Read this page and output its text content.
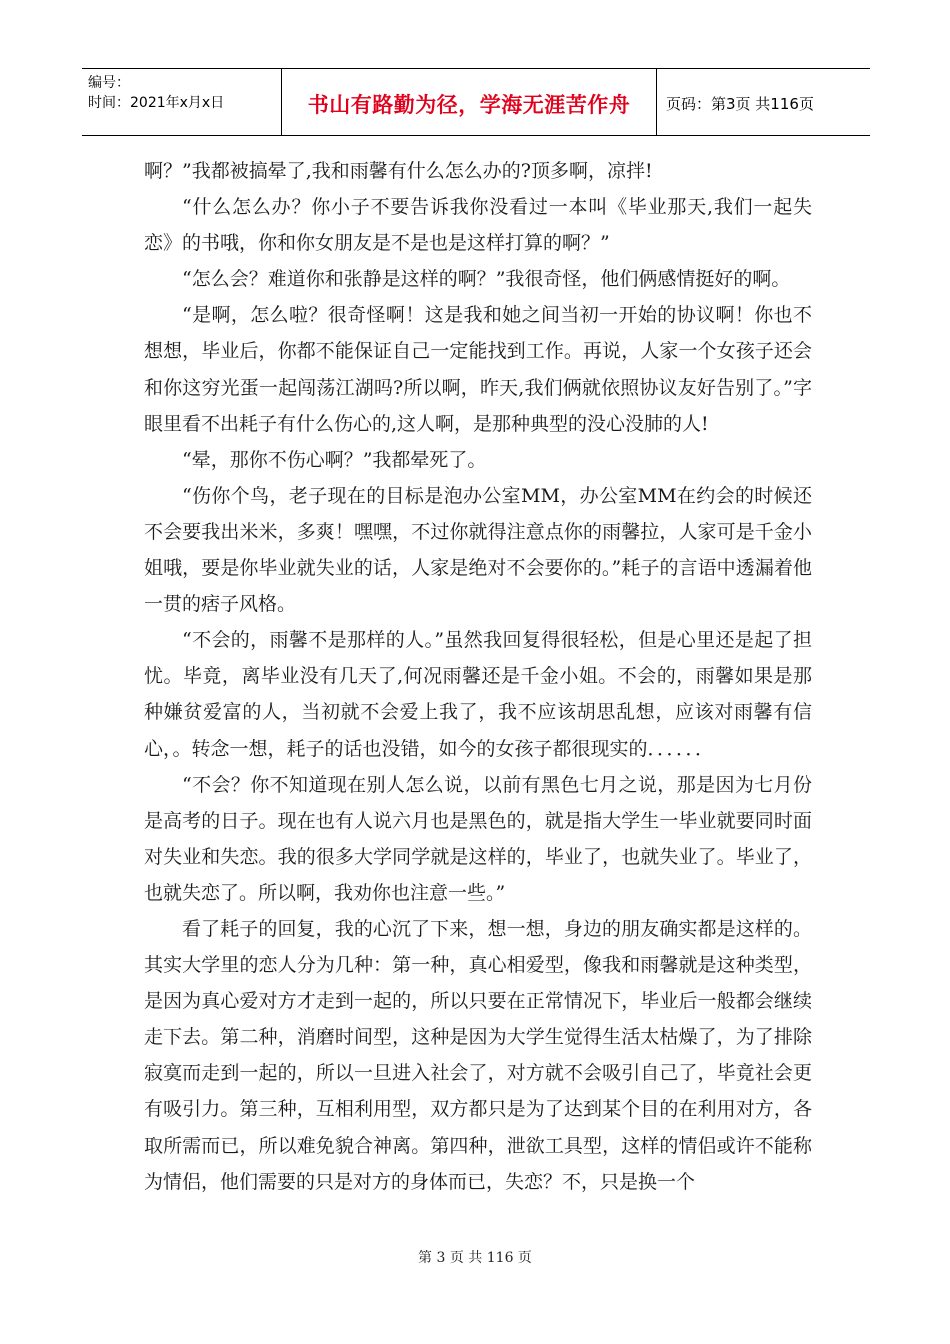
编号：
时间：2021年x月x日	书山有路勤为径，学海无涯苦作舟 页码：第3页 共116页

啊？”我都被搞晕了,我和雨馨有什么怎么办的?顶多啊，凉拌!

“什么怎么办？你小子不要告诉我你没看过一本叫《毕业那天,我们一起失恋》的书哦，你和你女朋友是不是也是这样打算的啊？”

“怎么会？难道你和张静是这样的啊？”我很奇怪，他们俩感情挺好的啊。

“是啊，怎么啦？很奇怪啊！这是我和她之间当初一开始的协议啊！你也不想想，毕业后，你都不能保证自己一定能找到工作。再说，人家一个女孩子还会和你这穷光蛋一起闯荡江湖吗?所以啊，昨天,我们俩就依照协议友好告别了。”字眼里看不出耗子有什么伤心的,这人啊，是那种典型的没心没肺的人!

“晕，那你不伤心啊？”我都晕死了。

“伤你个鸟，老子现在的目标是泡办公室MM，办公室MM在约会的时候还不会要我出米米，多爽！嘿嘿，不过你就得注意点你的雨馨拉，人家可是千金小姐哦，要是你毕业就失业的话，人家是绝对不会要你的。”耗子的言语中透漏着他一贯的痞子风格。

“不会的，雨馨不是那样的人。”虽然我回复得很轻松，但是心里还是起了担忧。毕竟，离毕业没有几天了,何况雨馨还是千金小姐。不会的，雨馨如果是那种嫌贫爱富的人，当初就不会爱上我了，我不应该胡思乱想，应该对雨馨有信心，。转念一想，耗子的话也没错，如今的女孩子都很现实的．．．．．．

“不会？你不知道现在别人怎么说，以前有黑色七月之说，那是因为七月份是高考的日子。现在也有人说六月也是黑色的，就是指大学生一毕业就要同时面对失业和失恋。我的很多大学同学就是这样的，毕业了，也就失业了。毕业了，也就失恋了。所以啊，我劝你也注意一些。”

看了耗子的回复，我的心沉了下来，想一想，身边的朋友确实都是这样的。其实大学里的恋人分为几种：第一种，真心相爱型，像我和雨馨就是这种类型，是因为真心爱对方才走到一起的，所以只要在正常情况下，毕业后一般都会继续走下去。第二种，消磨时间型，这种是因为大学生觉得生活太枯燥了，为了排除寂寞而走到一起的，所以一旦进入社会了，对方就不会吸引自己了，毕竟社会更有吸引力。第三种，互相利用型，双方都只是为了达到某个目的在利用对方，各取所需而已，所以难免貌合神离。第四种，泄欲工具型，这样的情侣或许不能称为情侣，他们需要的只是对方的身体而已，失恋？不，只是换一个

第 3 页 共 116 页
